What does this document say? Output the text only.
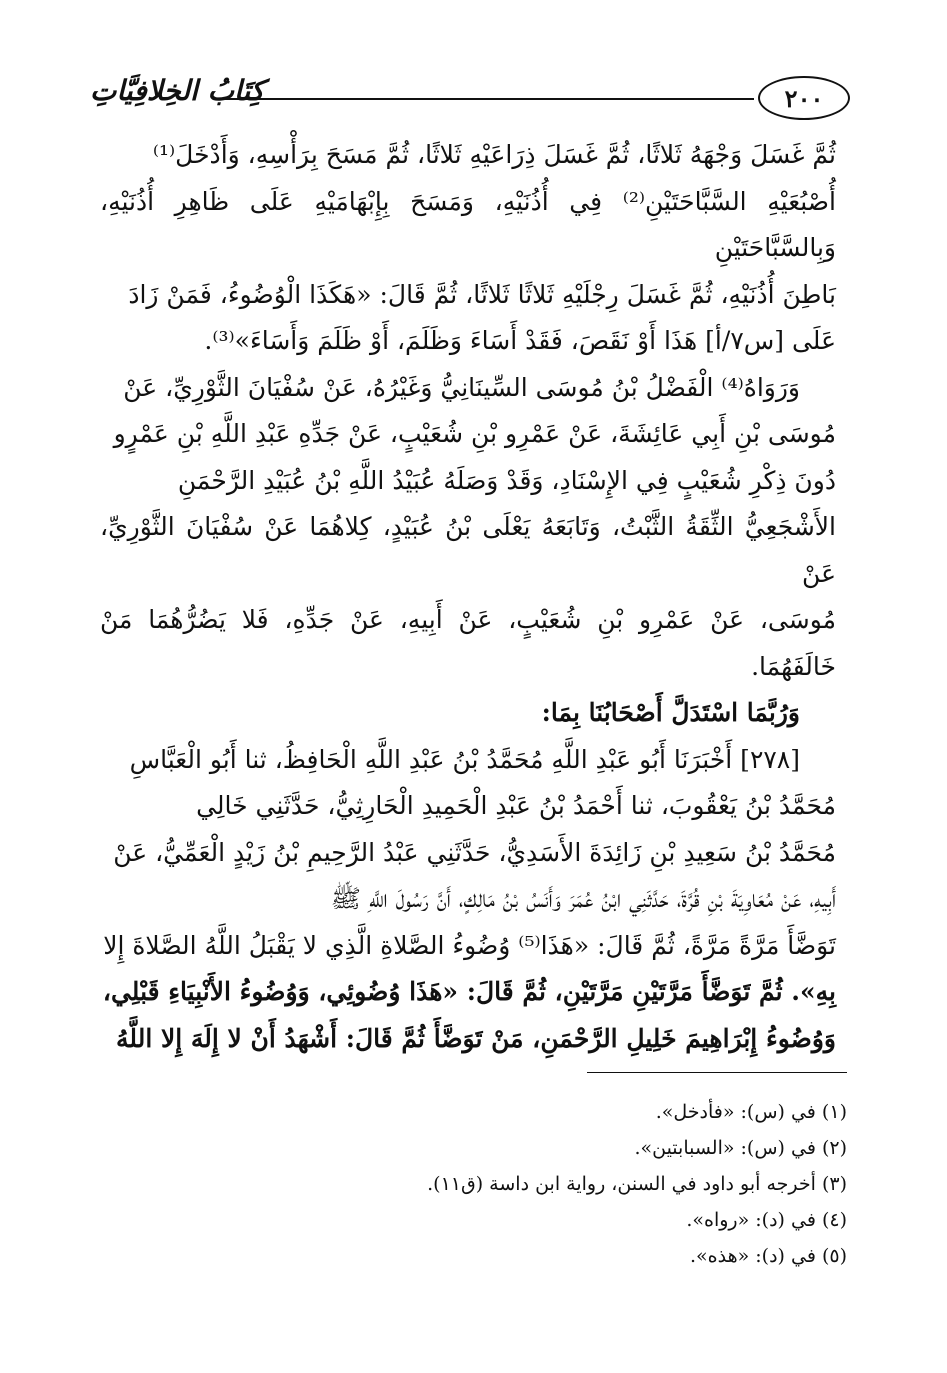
٢٠٠
كِتَابُ الخِلافِيَّاتِ

ثُمَّ غَسَلَ وَجْهَهُ ثَلاثًا، ثُمَّ غَسَلَ ذِرَاعَيْهِ ثَلاثًا، ثُمَّ مَسَحَ بِرَأْسِهِ، وَأَدْخَلَ⁽¹⁾

أُصْبُعَيْهِ السَّبَّاحَتَيْنِ⁽²⁾ فِي أُذُنَيْهِ، وَمَسَحَ بِإِبْهَامَيْهِ عَلَى ظَاهِرِ أُذُنَيْهِ، وَبِالسَّبَّاحَتَيْنِ

بَاطِنَ أُذُنَيْهِ، ثُمَّ غَسَلَ رِجْلَيْهِ ثَلاثًا ثَلاثًا، ثُمَّ قَالَ: «هَكَذَا الْوُضُوءُ، فَمَنْ زَادَ

عَلَى [س٧/أ] هَذَا أَوْ نَقَصَ، فَقَدْ أَسَاءَ وَظَلَمَ، أَوْ ظَلَمَ وَأَسَاءَ»⁽³⁾.

وَرَوَاهُ⁽⁴⁾ الْفَضْلُ بْنُ مُوسَى السِّينَانِيُّ وَغَيْرُهُ، عَنْ سُفْيَانَ الثَّوْرِيِّ، عَنْ

مُوسَى بْنِ أَبِي عَائِشَةَ، عَنْ عَمْرِو بْنِ شُعَيْبٍ، عَنْ جَدِّهِ عَبْدِ اللَّهِ بْنِ عَمْرٍو

دُونَ ذِكْرِ شُعَيْبٍ فِي الإِسْنَادِ، وَقَدْ وَصَلَهُ عُبَيْدُ اللَّهِ بْنُ عُبَيْدِ الرَّحْمَنِ

الأَشْجَعِيُّ الثِّقَةُ الثَّبْتُ، وَتَابَعَهُ يَعْلَى بْنُ عُبَيْدٍ، كِلاهُمَا عَنْ سُفْيَانَ الثَّوْرِيِّ، عَنْ

مُوسَى، عَنْ عَمْرِو بْنِ شُعَيْبٍ، عَنْ أَبِيهِ، عَنْ جَدِّهِ، فَلا يَضُرُّهُمَا مَنْ خَالَفَهُمَا.

وَرُبَّمَا اسْتَدَلَّ أَصْحَابُنَا بِمَا:

[٢٧٨] أَخْبَرَنَا أَبُو عَبْدِ اللَّهِ مُحَمَّدُ بْنُ عَبْدِ اللَّهِ الْحَافِظُ، ثنا أَبُو الْعَبَّاسِ

مُحَمَّدُ بْنُ يَعْقُوبَ، ثنا أَحْمَدُ بْنُ عَبْدِ الْحَمِيدِ الْحَارِثِيُّ، حَدَّثَنِي خَالِي

مُحَمَّدُ بْنُ سَعِيدِ بْنِ زَائِدَةَ الأَسَدِيُّ، حَدَّثَنِي عَبْدُ الرَّحِيمِ بْنُ زَيْدٍ الْعَمِّيُّ، عَنْ

أَبِيهِ، عَنْ مُعَاوِيَةَ بْنِ قُرَّةَ، حَدَّثَنِي ابْنُ عُمَرَ وَأَنَسُ بْنُ مَالِكٍ، أَنَّ رَسُولَ اللَّهِ ﷺ

تَوَضَّأَ مَرَّةً مَرَّةً، ثُمَّ قَالَ: «هَذَا⁽⁵⁾ وُضُوءُ الصَّلاةِ الَّذِي لا يَقْبَلُ اللَّهُ الصَّلاةَ إِلا

بِهِ». ثُمَّ تَوَضَّأَ مَرَّتَيْنِ مَرَّتَيْنِ، ثُمَّ قَالَ: «هَذَا وُضُوئِي، وَوُضُوءُ الأَنْبِيَاءِ قَبْلِي،

وَوُضُوءُ إِبْرَاهِيمَ خَلِيلِ الرَّحْمَنِ، مَنْ تَوَضَّأَ ثُمَّ قَالَ: أَشْهَدُ أَنْ لا إِلَهَ إِلا اللَّهُ

(١) في (س): «فأدخل».
(٢) في (س): «السبابتين».
(٣) أخرجه أبو داود في السنن، رواية ابن داسة (ق١١).
(٤) في (د): «رواه».
(٥) في (د): «هذه».
